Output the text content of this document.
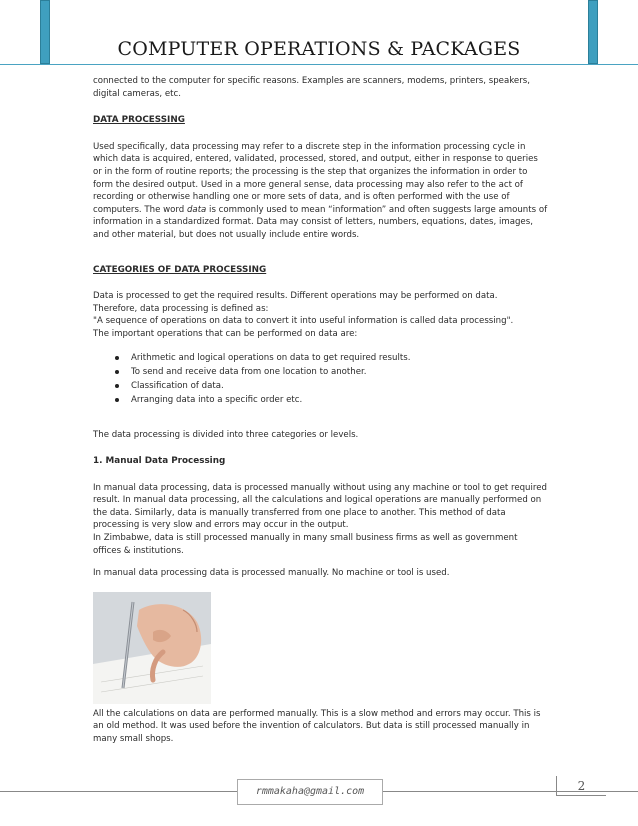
COMPUTER OPERATIONS & PACKAGES

connected to the computer for specific reasons. Examples are scanners, modems, printers, speakers, digital cameras, etc.

DATA PROCESSING

Used specifically, data processing may refer to a discrete step in the information processing cycle in which data is acquired, entered, validated, processed, stored, and output, either in response to queries or in the form of routine reports; the processing is the step that organizes the information in order to form the desired output. Used in a more general sense, data processing may also refer to the act of recording or otherwise handling one or more sets of data, and is often performed with the use of computers. The word data is commonly used to mean “information” and often suggests large amounts of information in a standardized format. Data may consist of letters, numbers, equations, dates, images, and other material, but does not usually include entire words.

CATEGORIES OF DATA PROCESSING

Data is processed to get the required results. Different operations may be performed on data.

Therefore, data processing is defined as:

"A sequence of operations on data to convert it into useful information is called data processing".

The important operations that can be performed on data are:

Arithmetic and logical operations on data to get required results.
To send and receive data from one location to another.
Classification of data.
Arranging data into a specific order etc.

The data processing is divided into three categories or levels.

1. Manual Data Processing

In manual data processing, data is processed manually without using any machine or tool to get required result. In manual data processing, all the calculations and logical operations are manually performed on the data. Similarly, data is manually transferred from one place to another. This method of data processing is very slow and errors may occur in the output.

In Zimbabwe, data is still processed manually in many small business firms as well as government offices & institutions.

In manual data processing data is processed manually. No machine or tool is used.

All the calculations on data are performed manually. This is a slow method and errors may occur. This is an old method. It was used before the invention of calculators. But data is still processed manually in many small shops.

rmmakaha@gmail.com	2
